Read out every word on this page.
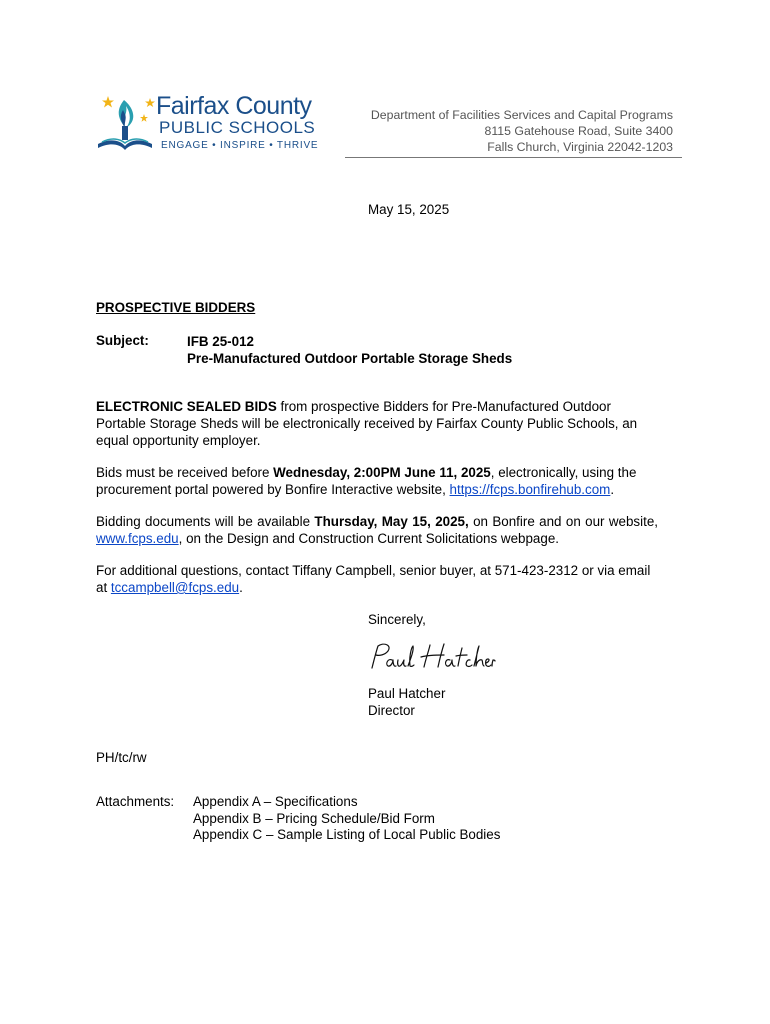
Fairfax County
PUBLIC SCHOOLS
ENGAGE • INSPIRE • THRIVE
Department of Facilities Services and Capital Programs
8115 Gatehouse Road, Suite 3400
Falls Church, Virginia 22042-1203
May 15, 2025
PROSPECTIVE BIDDERS
Subject:	IFB 25-012
Pre-Manufactured Outdoor Portable Storage Sheds
ELECTRONIC SEALED BIDS from prospective Bidders for Pre-Manufactured Outdoor Portable Storage Sheds will be electronically received by Fairfax County Public Schools, an equal opportunity employer.
Bids must be received before Wednesday, 2:00PM June 11, 2025, electronically, using the procurement portal powered by Bonfire Interactive website, https://fcps.bonfirehub.com.
Bidding documents will be available Thursday, May 15, 2025, on Bonfire and on our website, www.fcps.edu, on the Design and Construction Current Solicitations webpage.
For additional questions, contact Tiffany Campbell, senior buyer, at 571-423-2312 or via email at tccampbell@fcps.edu.
Sincerely,
Paul Hatcher
Director
PH/tc/rw
Attachments: Appendix A – Specifications
Appendix B – Pricing Schedule/Bid Form
Appendix C – Sample Listing of Local Public Bodies
